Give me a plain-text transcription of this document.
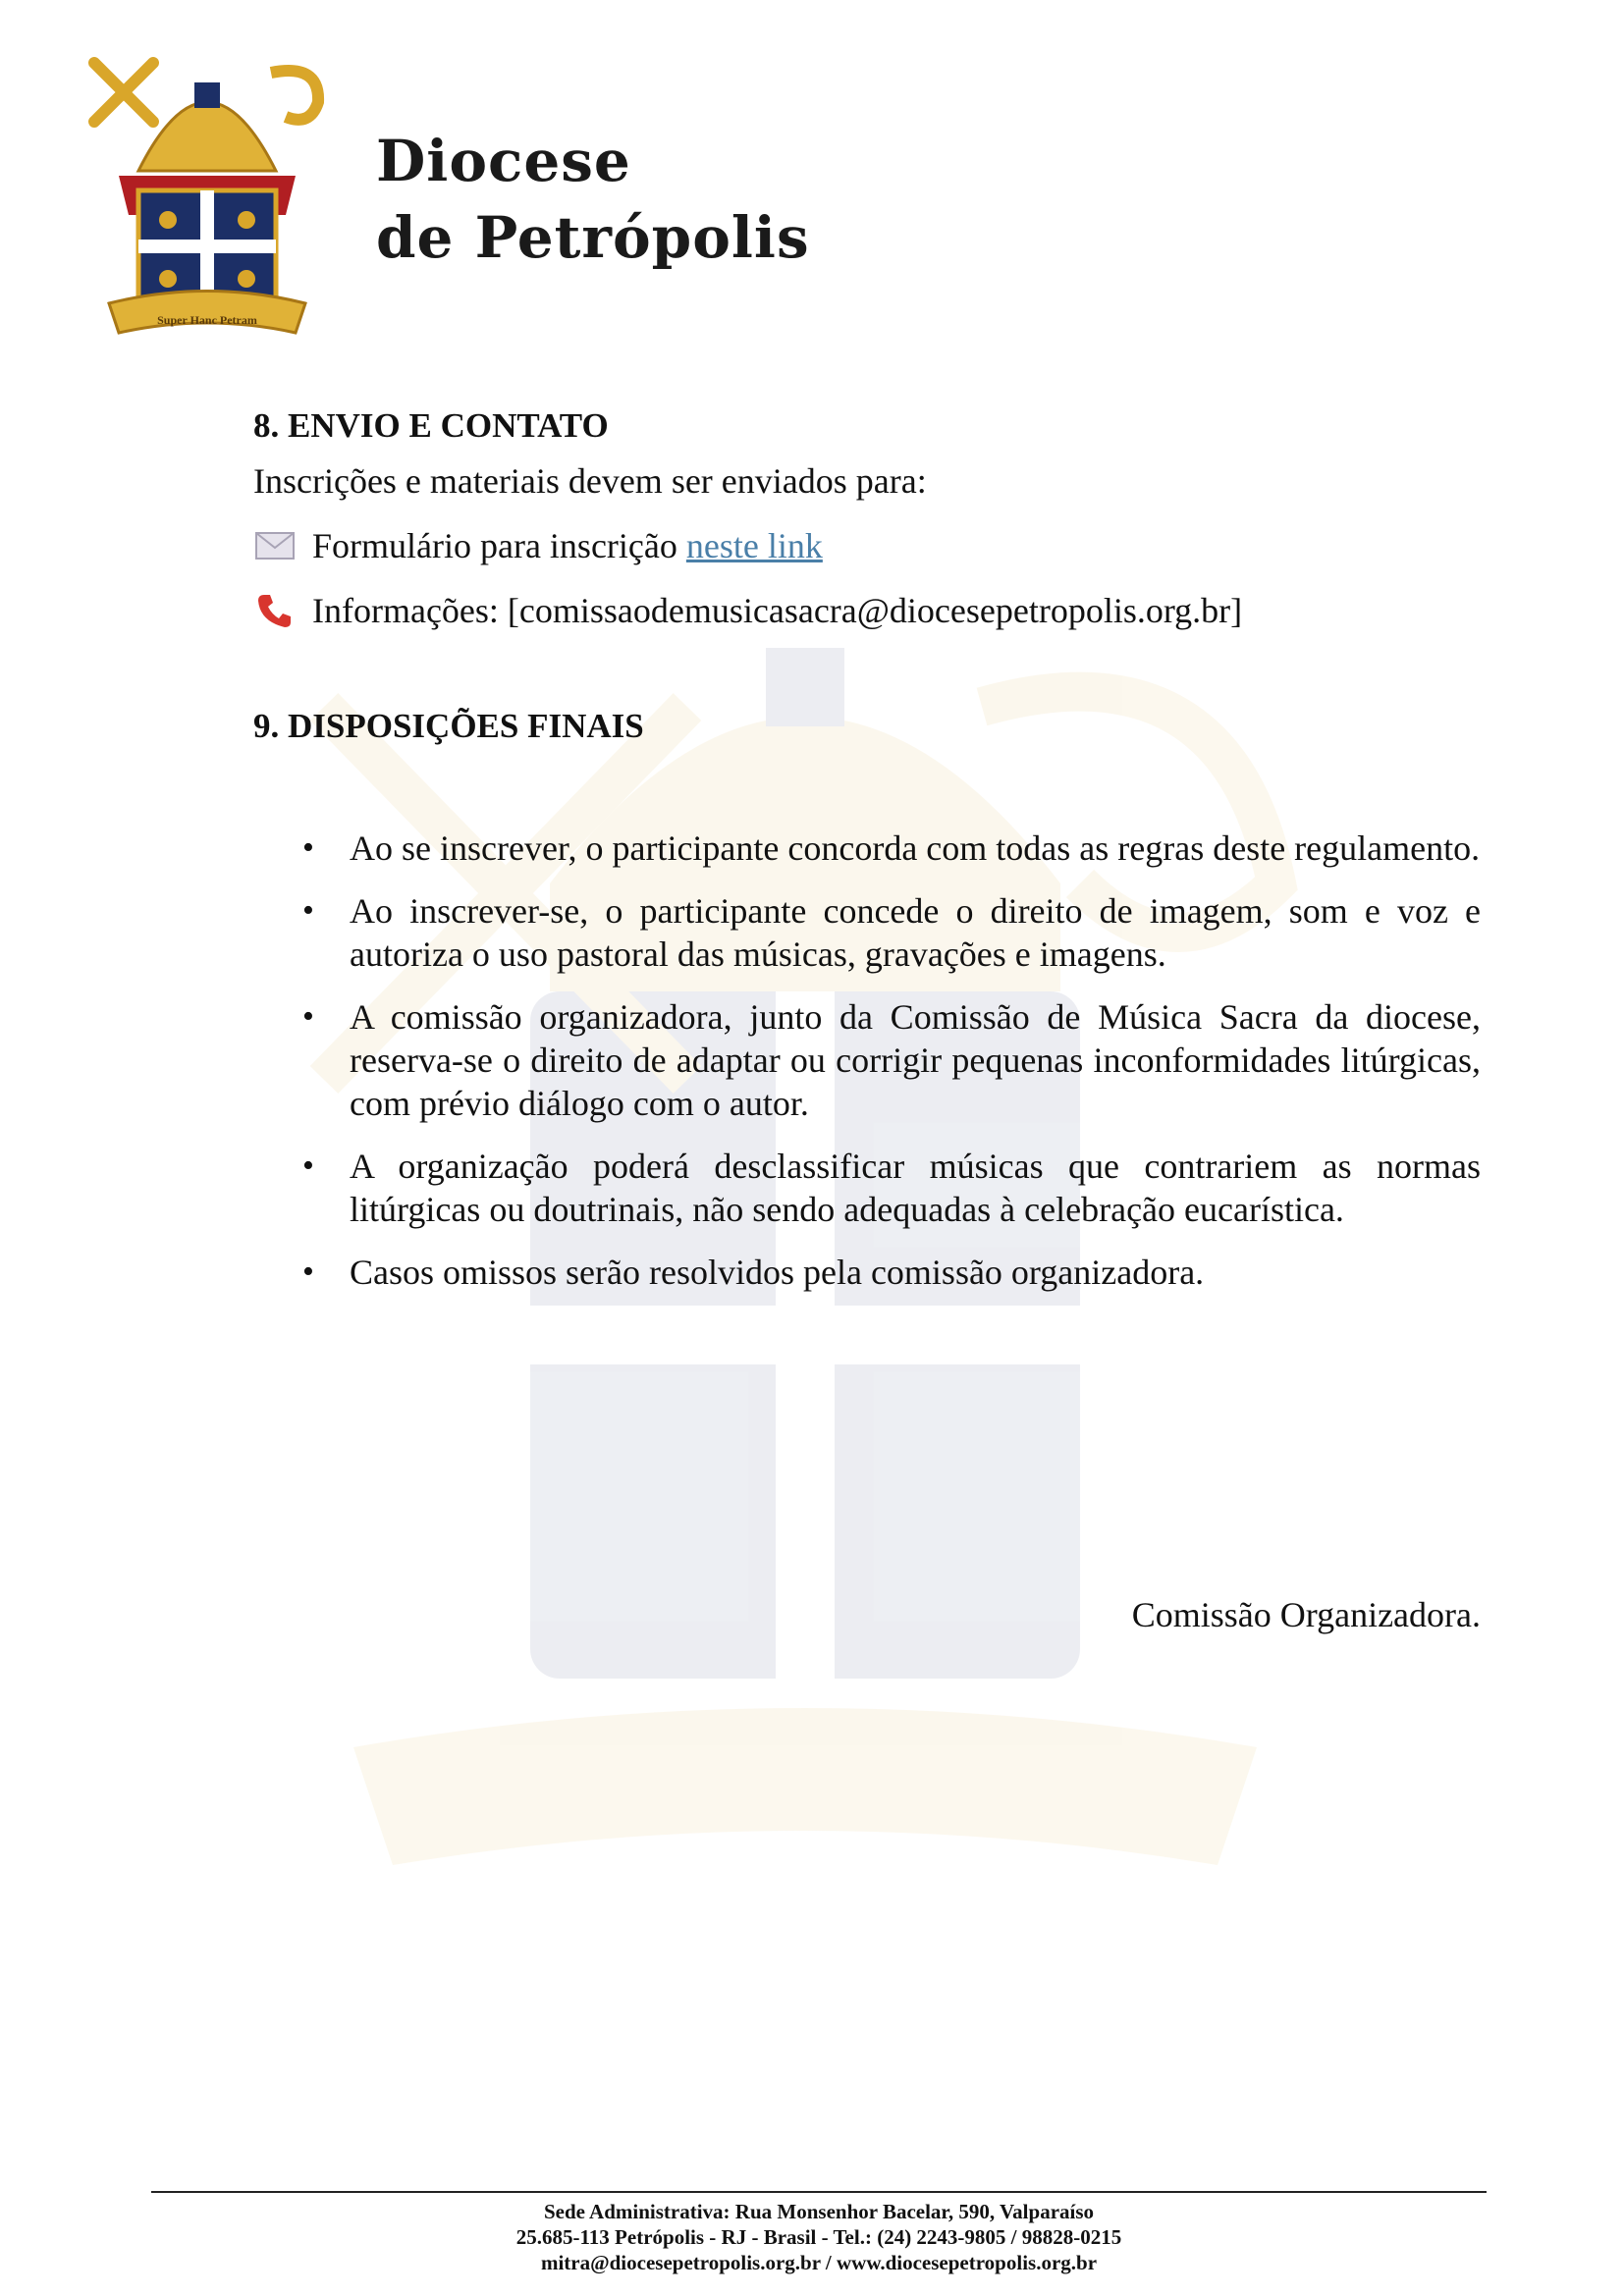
Super Hanc Petram
Diocese
de Petrópolis
8. ENVIO E CONTATO

Inscrições e materiais devem ser enviados para:

Formulário para inscrição neste link
Informações: [comissaodemusicasacra@diocesepetropolis.org.br]
9. DISPOSIÇÕES FINAIS
• Ao se inscrever, o participante concorda com todas as regras deste regulamento.
• Ao inscrever-se, o participante concede o direito de imagem, som e voz e autoriza o uso pastoral das músicas, gravações e imagens.
• A comissão organizadora, junto da Comissão de Música Sacra da diocese, reserva-se o direito de adaptar ou corrigir pequenas inconformidades litúrgicas, com prévio diálogo com o autor.
• A organização poderá desclassificar músicas que contrariem as normas litúrgicas ou doutrinais, não sendo adequadas à celebração eucarística.
• Casos omissos serão resolvidos pela comissão organizadora.
Comissão Organizadora.
Sede Administrativa: Rua Monsenhor Bacelar, 590, Valparaíso
25.685-113 Petrópolis - RJ - Brasil - Tel.: (24) 2243-9805 / 98828-0215
mitra@diocesepetropolis.org.br / www.diocesepetropolis.org.br
